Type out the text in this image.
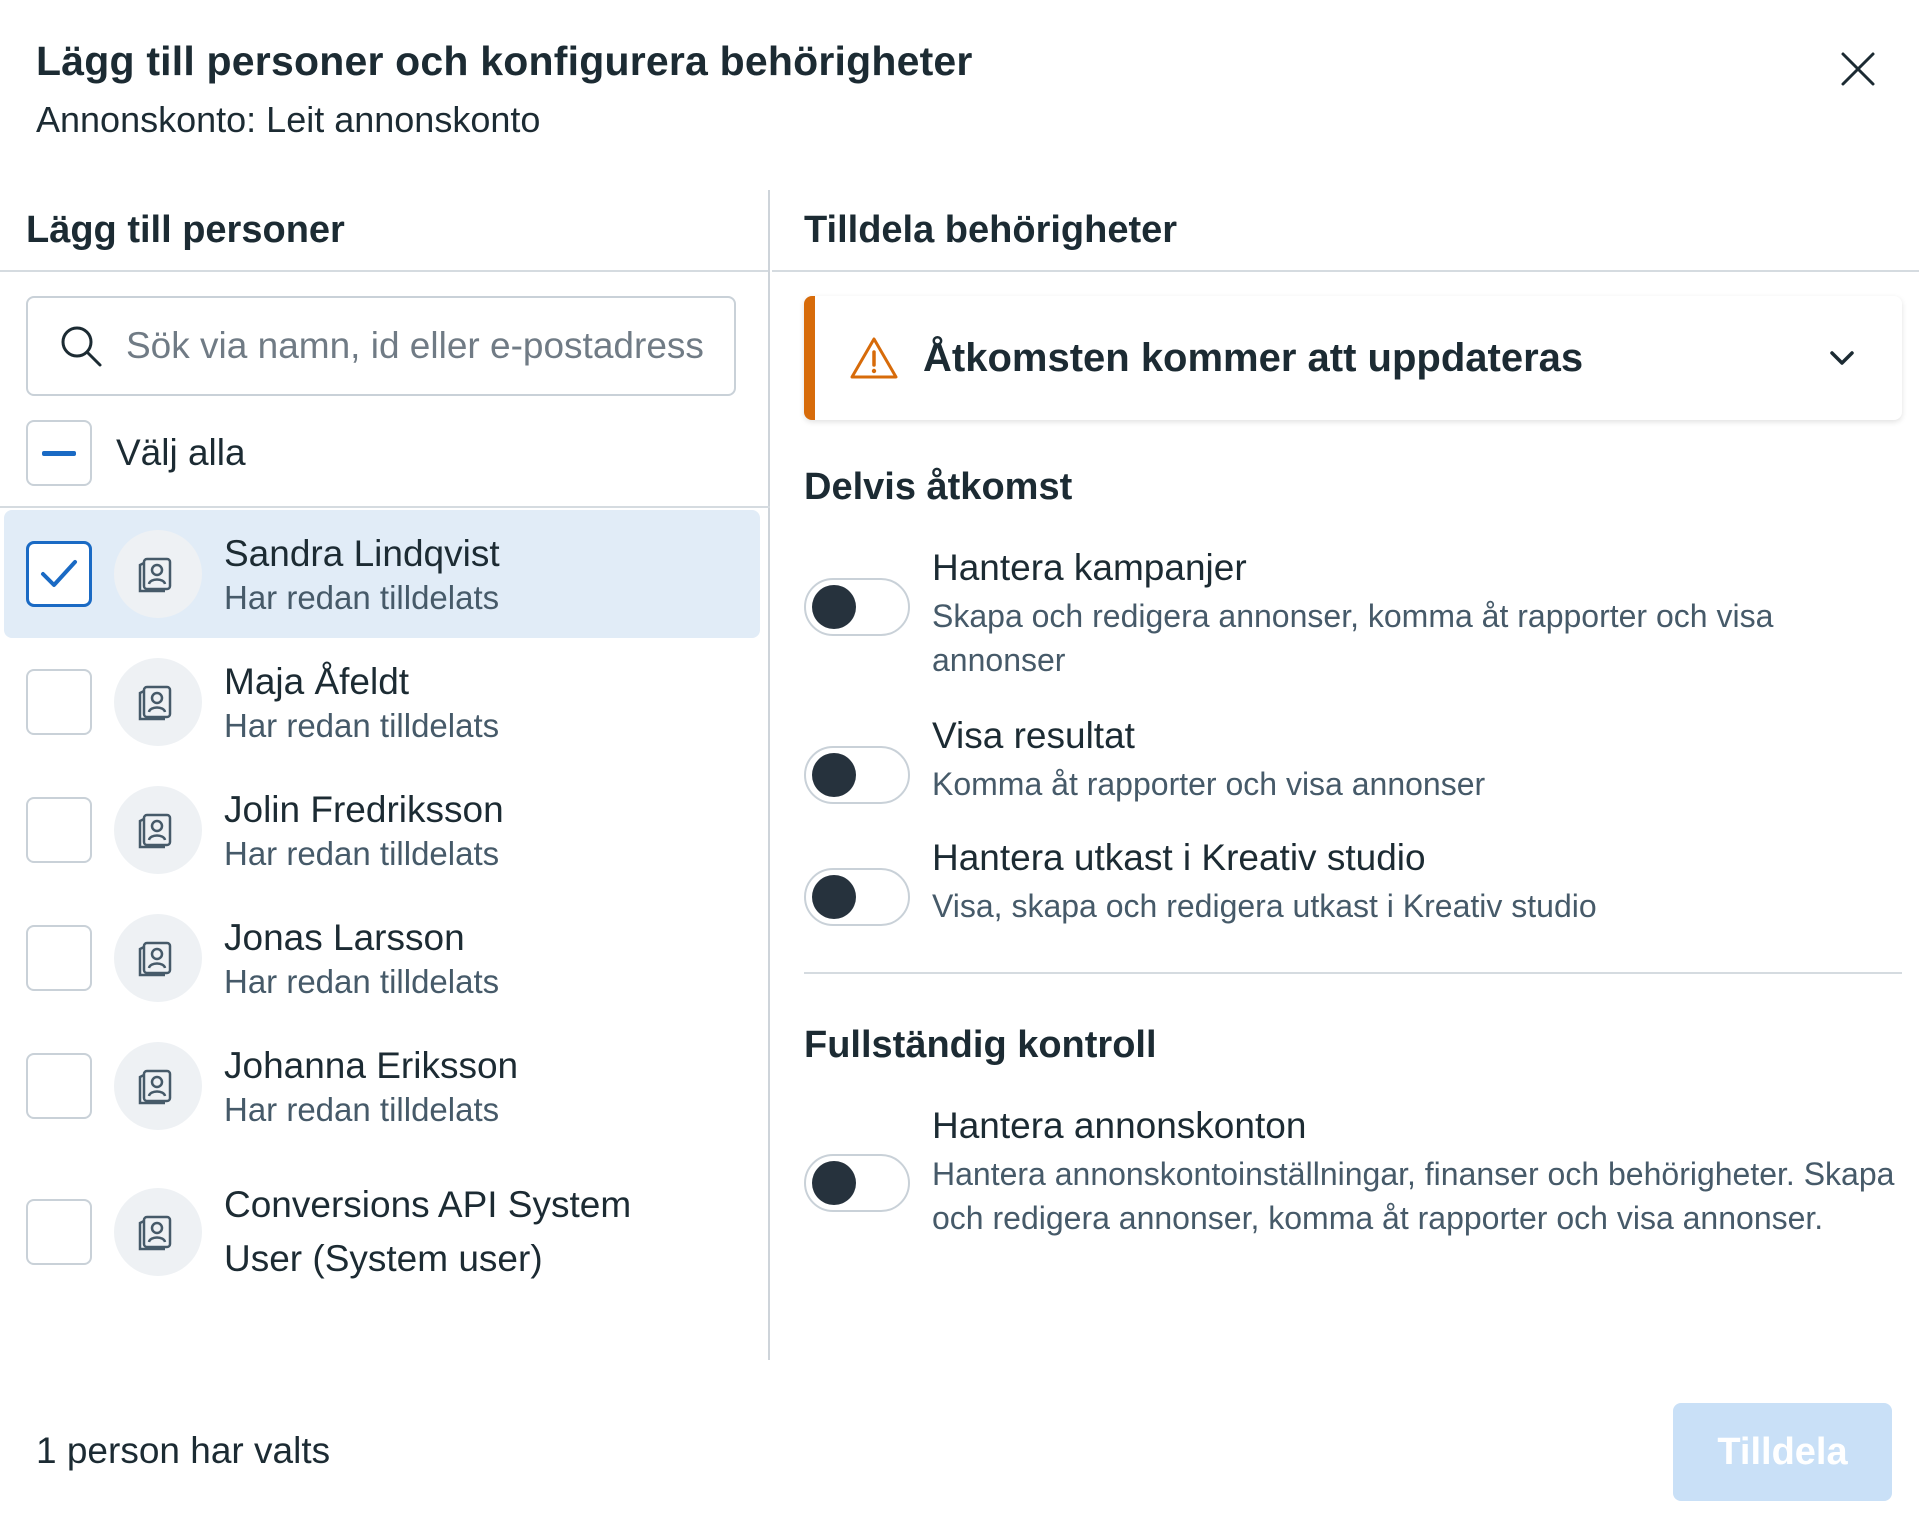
Lägg till personer och konfigurera behörigheter
Annonskonto: Leit annonskonto
Lägg till personer
Sök via namn, id eller e-postadress
Välj alla
Sandra Lindqvist
Har redan tilldelats
Maja Åfeldt
Har redan tilldelats
Jolin Fredriksson
Har redan tilldelats
Jonas Larsson
Har redan tilldelats
Johanna Eriksson
Har redan tilldelats
Conversions API System User (System user)
Tilldela behörigheter
Åtkomsten kommer att uppdateras
Delvis åtkomst
Hantera kampanjer
Skapa och redigera annonser, komma åt rapporter och visa annonser
Visa resultat
Komma åt rapporter och visa annonser
Hantera utkast i Kreativ studio
Visa, skapa och redigera utkast i Kreativ studio
Fullständig kontroll
Hantera annonskonton
Hantera annonskontoinställningar, finanser och behörigheter. Skapa och redigera annonser, komma åt rapporter och visa annonser.
1 person har valts	Tilldela
